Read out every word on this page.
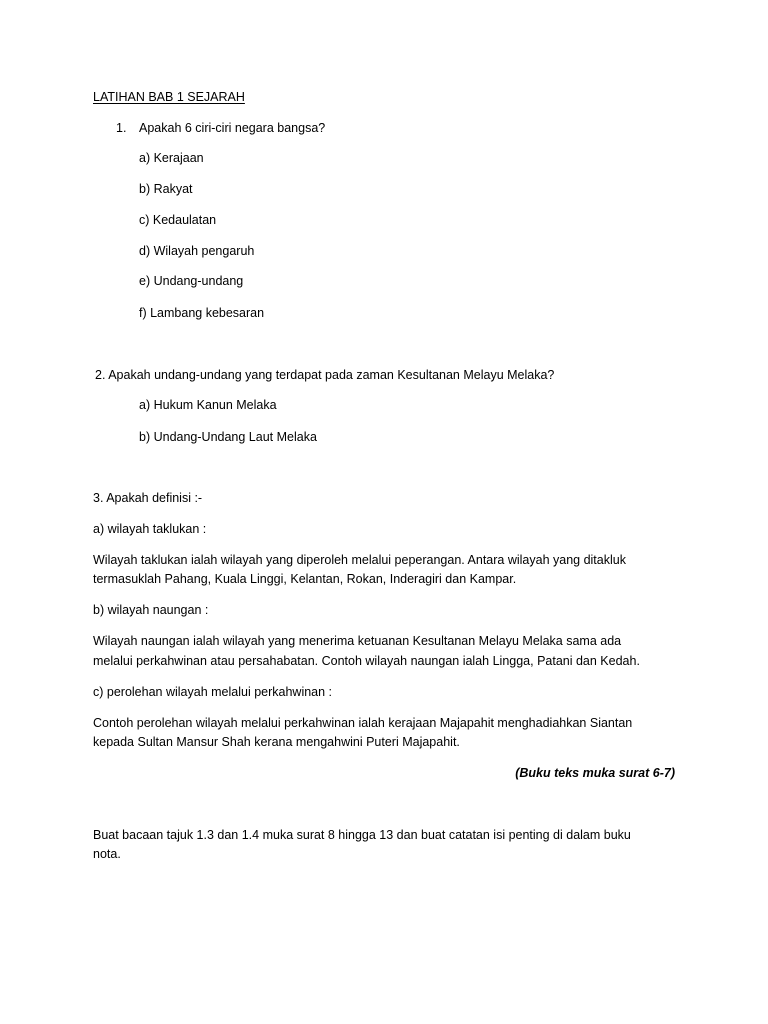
LATIHAN BAB 1 SEJARAH
1. Apakah 6 ciri-ciri negara bangsa?
a) Kerajaan
b) Rakyat
c) Kedaulatan
d) Wilayah pengaruh
e) Undang-undang
f) Lambang kebesaran
2. Apakah undang-undang yang terdapat pada zaman Kesultanan Melayu Melaka?
a) Hukum Kanun Melaka
b) Undang-Undang Laut Melaka
3. Apakah definisi :-
a) wilayah taklukan :
Wilayah taklukan ialah wilayah yang diperoleh melalui peperangan. Antara wilayah yang ditakluk
termasuklah Pahang, Kuala Linggi, Kelantan, Rokan, Inderagiri dan Kampar.
b) wilayah naungan :
Wilayah naungan ialah wilayah yang menerima ketuanan Kesultanan Melayu Melaka sama ada
melalui perkahwinan atau persahabatan. Contoh wilayah naungan ialah Lingga, Patani dan Kedah.
c) perolehan wilayah melalui perkahwinan :
Contoh perolehan wilayah melalui perkahwinan ialah kerajaan Majapahit menghadiahkan Siantan
kepada Sultan Mansur Shah kerana mengahwini Puteri Majapahit.
(Buku teks muka surat 6-7)
Buat bacaan tajuk 1.3 dan 1.4 muka surat 8 hingga 13 dan buat catatan isi penting di dalam buku
nota.
